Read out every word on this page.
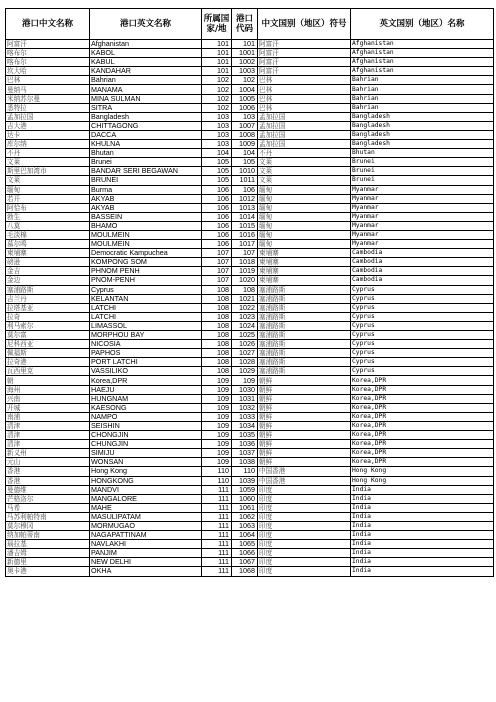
港口中文名称	港口英文名称	所属国家/地	港口代码	中文国别（地区）符号	英文国别（地区）名称
阿富汗	Afghanistan	101	101	阿富汗	Afghanistan
喀布尔	KABOL	101	1001	阿富汗	Afghanistan
喀布尔	KABUL	101	1002	阿富汗	Afghanistan
坎大哈	KANDAHAR	101	1003	阿富汗	Afghanistan
巴林	Bahrian	102	102	巴林	Bahrian
曼纳马	MANAMA	102	1004	巴林	Bahrian
米纳苏尔曼	MINA SULMAN	102	1005	巴林	Bahrian
悉特拉	SITRA	102	1006	巴林	Bahrian
孟加拉国	Bangladesh	103	103	孟加拉国	Bangladesh
吉大港	CHITTAGONG	103	1007	孟加拉国	Bangladesh
达卡	DACCA	103	1008	孟加拉国	Bangladesh
库尔纳	KHULNA	103	1009	孟加拉国	Bangladesh
不丹	Bhutan	104	104	不丹	Bhutan
文莱	Brunei	105	105	文莱	Brunei
斯里巴加湾市	BANDAR SERI BEGAWAN	105	1010	文莱	Brunei
文莱	BRUNEI	105	1011	文莱	Brunei
缅甸	Burma	106	106	缅甸	Myanmar
若开	AKYAB	106	1012	缅甸	Myanmar
阿恰布	AKYAB	106	1013	缅甸	Myanmar
勃生	BASSEIN	106	1014	缅甸	Myanmar
八莫	BHAMO	106	1015	缅甸	Myanmar
毛淡棉	MOULMEIN	106	1016	缅甸	Myanmar
慕尔鸣	MOULMEIN	106	1017	缅甸	Myanmar
柬埔寨	Democratic Kampuchea	107	107	柬埔寨	Cambodia
磅逊	KOMPONG SOM	107	1018	柬埔寨	Cambodia
金吉	PHNOM PENH	107	1019	柬埔寨	Cambodia
金边	PNOM-PENH	107	1020	柬埔寨	Cambodia
塞浦路斯	Cyprus	108	108	塞浦路斯	Cyprus
吉兰丹	KELANTAN	108	1021	塞浦路斯	Cyprus
拉塔基亚	LATCHI	108	1022	塞浦路斯	Cyprus
拉奇	LATCHI	108	1023	塞浦路斯	Cyprus
利马索尔	LIMASSOL	108	1024	塞浦路斯	Cyprus
莫尔富	MORPHOU BAY	108	1025	塞浦路斯	Cyprus
尼科西亚	NICOSIA	108	1026	塞浦路斯	Cyprus
佩福斯	PAPHOS	108	1027	塞浦路斯	Cyprus
拉奇港	PORT LATCHI	108	1028	塞浦路斯	Cyprus
瓦西里克	VASSILIKO	108	1029	塞浦路斯	Cyprus
朝	Korea,DPR	109	109	朝鲜	Korea,DPR
海州	HAEJU	109	1030	朝鲜	Korea,DPR
兴南	HUNGNAM	109	1031	朝鲜	Korea,DPR
开城	KAESONG	109	1032	朝鲜	Korea,DPR
南浦	NAMPO	109	1033	朝鲜	Korea,DPR
清津	SEISHIN	109	1034	朝鲜	Korea,DPR
清津	CHONGJIN	109	1035	朝鲜	Korea,DPR
清津	CHUNGJIN	109	1036	朝鲜	Korea,DPR
新义州	SIMIJU	109	1037	朝鲜	Korea,DPR
元山	WONSAN	109	1038	朝鲜	Korea,DPR
香港	Hong Kong	110	110	中国香港	Hong Kong
香港	HONGKONG	110	1039	中国香港	Hong Kong
曼德维	MANDVI	111	1059	印度	India
芒格洛尔	MANGALORE	111	1060	印度	India
马希	MAHE	111	1061	印度	India
马苏利帕特南	MASULIPATAM	111	1062	印度	India
莫尔穆冈	MORMUGAO	111	1063	印度	India
纳加帕蒂南	NAGAPATTINAM	111	1064	印度	India
瑙拉基	NAVLAKHI	111	1065	印度	India
潘吉姆	PANJIM	111	1066	印度	India
新德里	NEW DELHI	111	1067	印度	India
奥卡港	OKHA	111	1068	印度	India
